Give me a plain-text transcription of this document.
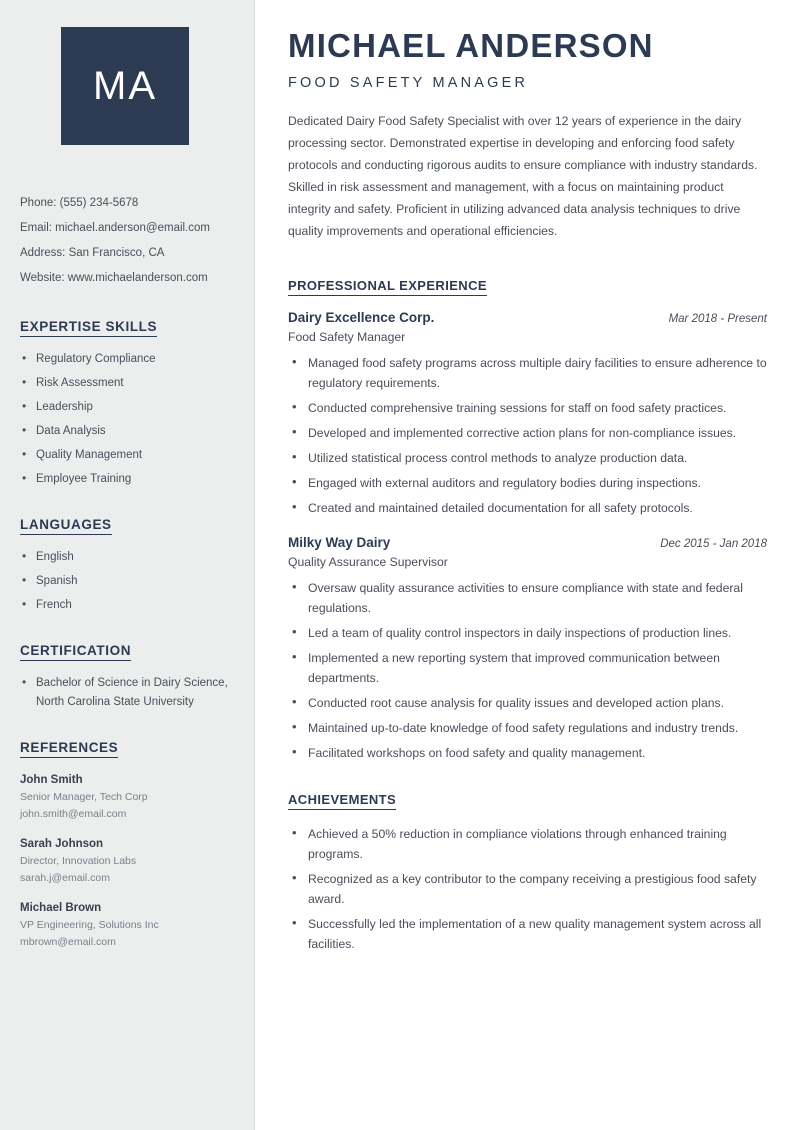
MA
Phone: (555) 234-5678
Email: michael.anderson@email.com
Address: San Francisco, CA
Website: www.michaelanderson.com
EXPERTISE SKILLS
• Regulatory Compliance
• Risk Assessment
• Leadership
• Data Analysis
• Quality Management
• Employee Training
LANGUAGES
• English
• Spanish
• French
CERTIFICATION
• Bachelor of Science in Dairy Science, North Carolina State University
REFERENCES
John Smith
Senior Manager, Tech Corp
john.smith@email.com
Sarah Johnson
Director, Innovation Labs
sarah.j@email.com
Michael Brown
VP Engineering, Solutions Inc
mbrown@email.com
MICHAEL ANDERSON
FOOD SAFETY MANAGER

Dedicated Dairy Food Safety Specialist with over 12 years of experience in the dairy processing sector. Demonstrated expertise in developing and enforcing food safety protocols and conducting rigorous audits to ensure compliance with industry standards. Skilled in risk assessment and management, with a focus on maintaining product integrity and safety. Proficient in utilizing advanced data analysis techniques to drive quality improvements and operational efficiencies.

PROFESSIONAL EXPERIENCE
Dairy Excellence Corp.	Mar 2018 - Present
Food Safety Manager
• Managed food safety programs across multiple dairy facilities to ensure adherence to regulatory requirements.
• Conducted comprehensive training sessions for staff on food safety practices.
• Developed and implemented corrective action plans for non-compliance issues.
• Utilized statistical process control methods to analyze production data.
• Engaged with external auditors and regulatory bodies during inspections.
• Created and maintained detailed documentation for all safety protocols.
Milky Way Dairy	Dec 2015 - Jan 2018
Quality Assurance Supervisor
• Oversaw quality assurance activities to ensure compliance with state and federal regulations.
• Led a team of quality control inspectors in daily inspections of production lines.
• Implemented a new reporting system that improved communication between departments.
• Conducted root cause analysis for quality issues and developed action plans.
• Maintained up-to-date knowledge of food safety regulations and industry trends.
• Facilitated workshops on food safety and quality management.
ACHIEVEMENTS
• Achieved a 50% reduction in compliance violations through enhanced training programs.
• Recognized as a key contributor to the company receiving a prestigious food safety award.
• Successfully led the implementation of a new quality management system across all facilities.
